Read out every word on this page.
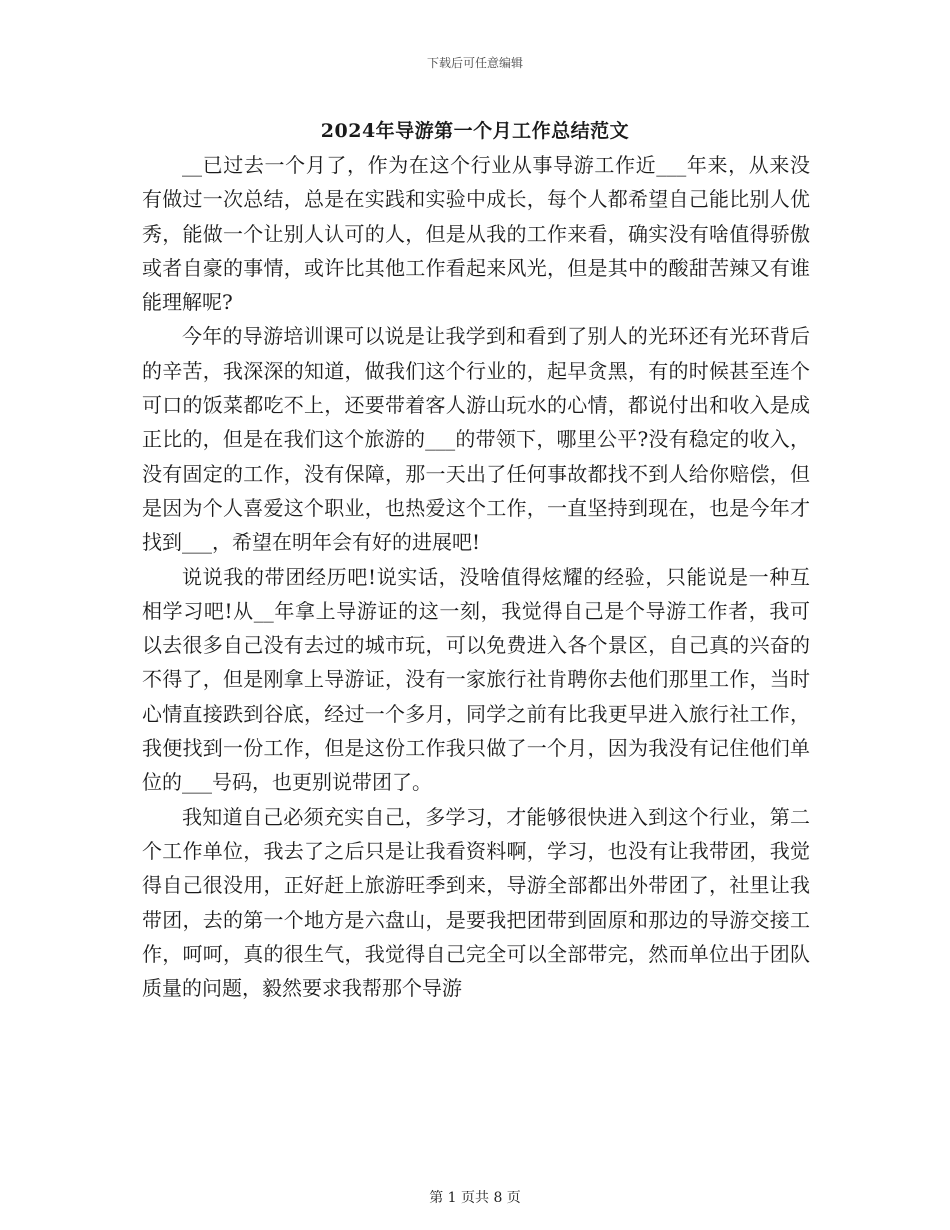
下载后可任意编辑
2024年导游第一个月工作总结范文

__已过去一个月了，作为在这个行业从事导游工作近___年来，从来没有做过一次总结，总是在实践和实验中成长，每个人都希望自己能比别人优秀，能做一个让别人认可的人，但是从我的工作来看，确实没有啥值得骄傲或者自豪的事情，或许比其他工作看起来风光，但是其中的酸甜苦辣又有谁能理解呢?

今年的导游培训课可以说是让我学到和看到了别人的光环还有光环背后的辛苦，我深深的知道，做我们这个行业的，起早贪黑，有的时候甚至连个可口的饭菜都吃不上，还要带着客人游山玩水的心情，都说付出和收入是成正比的，但是在我们这个旅游的___的带领下，哪里公平?没有稳定的收入，没有固定的工作，没有保障，那一天出了任何事故都找不到人给你赔偿，但是因为个人喜爱这个职业，也热爱这个工作，一直坚持到现在，也是今年才找到___，希望在明年会有好的进展吧!

说说我的带团经历吧!说实话，没啥值得炫耀的经验，只能说是一种互相学习吧!从__年拿上导游证的这一刻，我觉得自己是个导游工作者，我可以去很多自己没有去过的城市玩，可以免费进入各个景区，自己真的兴奋的不得了，但是刚拿上导游证，没有一家旅行社肯聘你去他们那里工作，当时心情直接跌到谷底，经过一个多月，同学之前有比我更早进入旅行社工作，我便找到一份工作，但是这份工作我只做了一个月，因为我没有记住他们单位的___号码，也更别说带团了。

我知道自己必须充实自己，多学习，才能够很快进入到这个行业，第二个工作单位，我去了之后只是让我看资料啊，学习，也没有让我带团，我觉得自己很没用，正好赶上旅游旺季到来，导游全部都出外带团了，社里让我带团，去的第一个地方是六盘山，是要我把团带到固原和那边的导游交接工作，呵呵，真的很生气，我觉得自己完全可以全部带完，然而单位出于团队质量的问题，毅然要求我帮那个导游

第 1 页共 8 页
